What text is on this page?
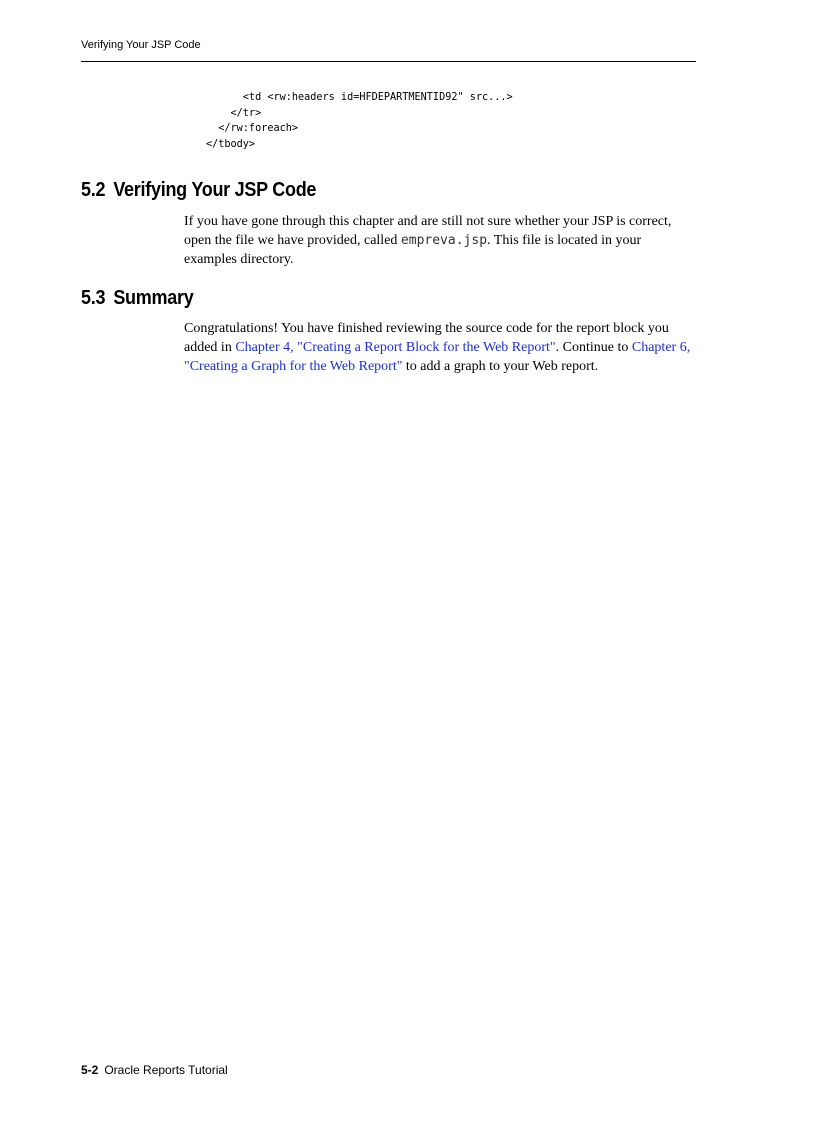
Verifying Your JSP Code
<td <rw:headers id=HFDEPARTMENTID92" src...>
</tr>
</rw:foreach>
</tbody>
5.2 Verifying Your JSP Code

If you have gone through this chapter and are still not sure whether your JSP is correct, open the file we have provided, called empreva.jsp. This file is located in your examples directory.

5.3 Summary

Congratulations! You have finished reviewing the source code for the report block you added in Chapter 4, "Creating a Report Block for the Web Report". Continue to Chapter 6, "Creating a Graph for the Web Report" to add a graph to your Web report.

5-2 Oracle Reports Tutorial
